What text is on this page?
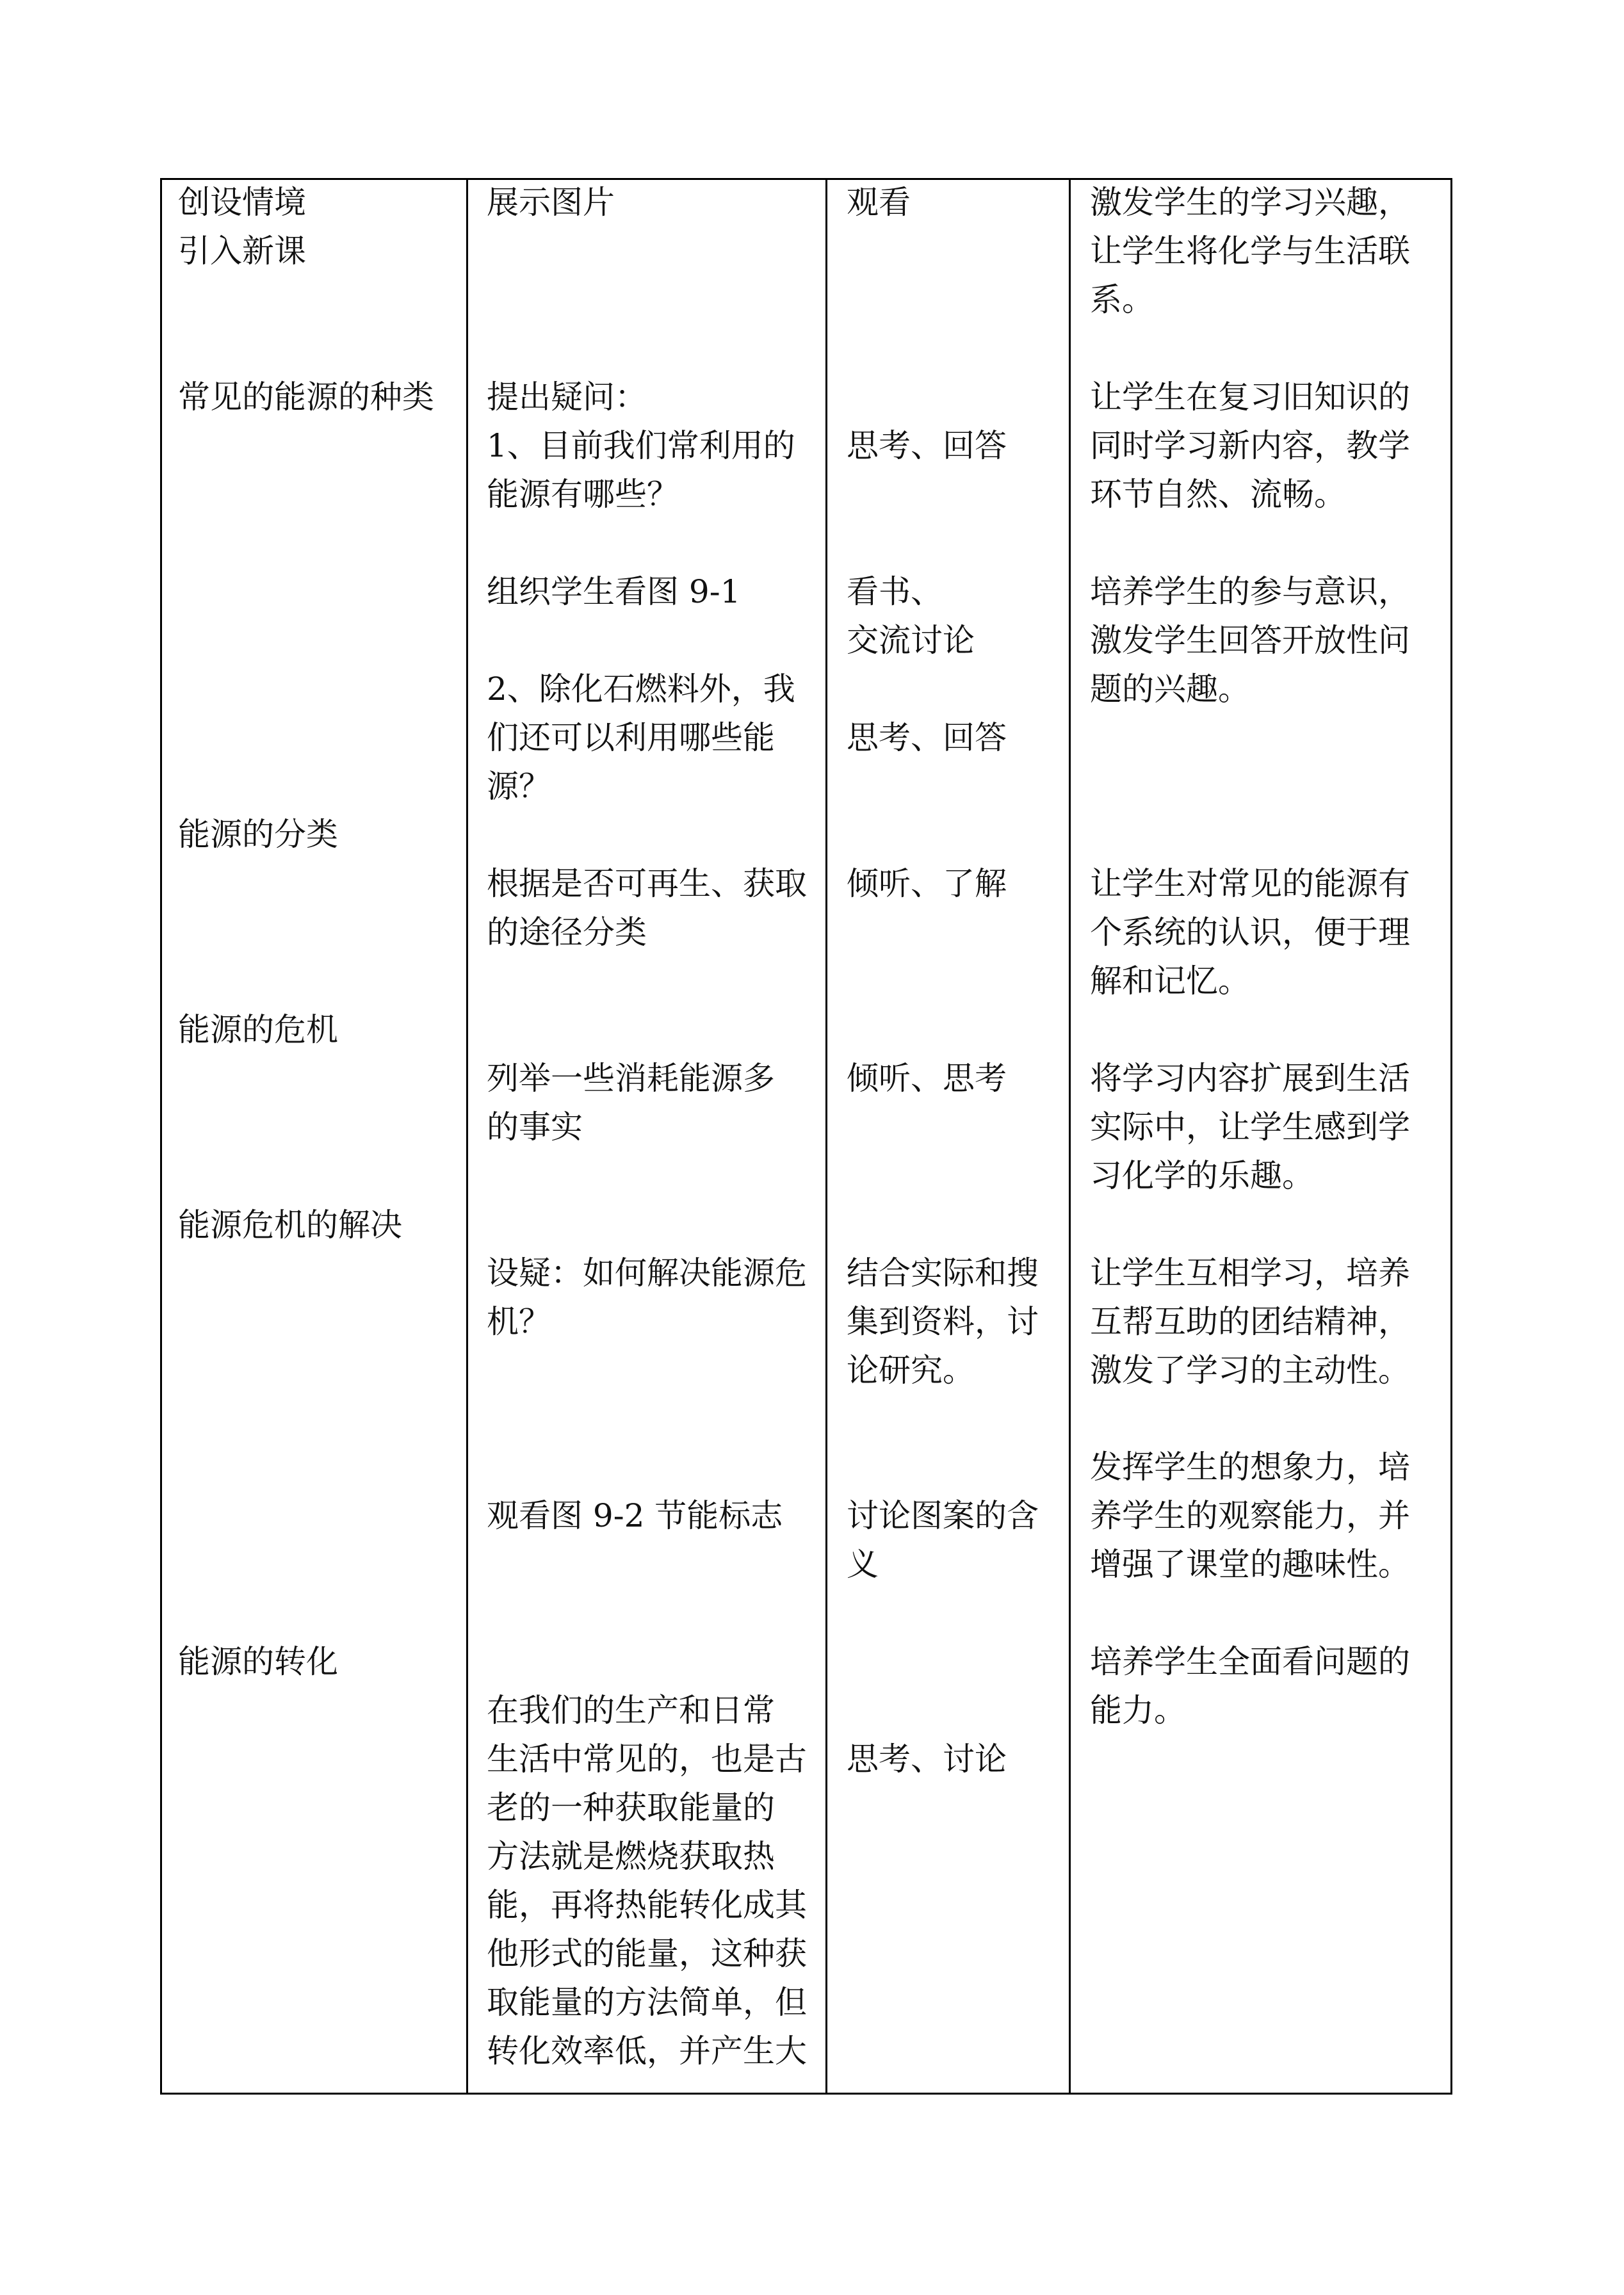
创设情境
引入新课
常见的能源的种类
能源的分类
能源的危机
能源危机的解决
能源的转化
展示图片
提出疑问：
1、目前我们常利用的
能源有哪些？
组织学生看图 9-1
2、除化石燃料外，我
们还可以利用哪些能
源？
根据是否可再生、获取
的途径分类
列举一些消耗能源多
的事实
设疑：如何解决能源危
机？
观看图 9-2 节能标志
在我们的生产和日常
生活中常见的，也是古
老的一种获取能量的
方法就是燃烧获取热
能，再将热能转化成其
他形式的能量，这种获
取能量的方法简单，但
转化效率低，并产生大
观看
思考、回答
看书、
交流讨论
思考、回答
倾听、了解
倾听、思考
结合实际和搜
集到资料，讨
论研究。
讨论图案的含
义
思考、讨论
激发学生的学习兴趣，
让学生将化学与生活联
系。
让学生在复习旧知识的
同时学习新内容，教学
环节自然、流畅。
培养学生的参与意识，
激发学生回答开放性问
题的兴趣。
让学生对常见的能源有
个系统的认识，便于理
解和记忆。
将学习内容扩展到生活
实际中，让学生感到学
习化学的乐趣。
让学生互相学习，培养
互帮互助的团结精神，
激发了学习的主动性。
发挥学生的想象力，培
养学生的观察能力，并
增强了课堂的趣味性。
培养学生全面看问题的
能力。
